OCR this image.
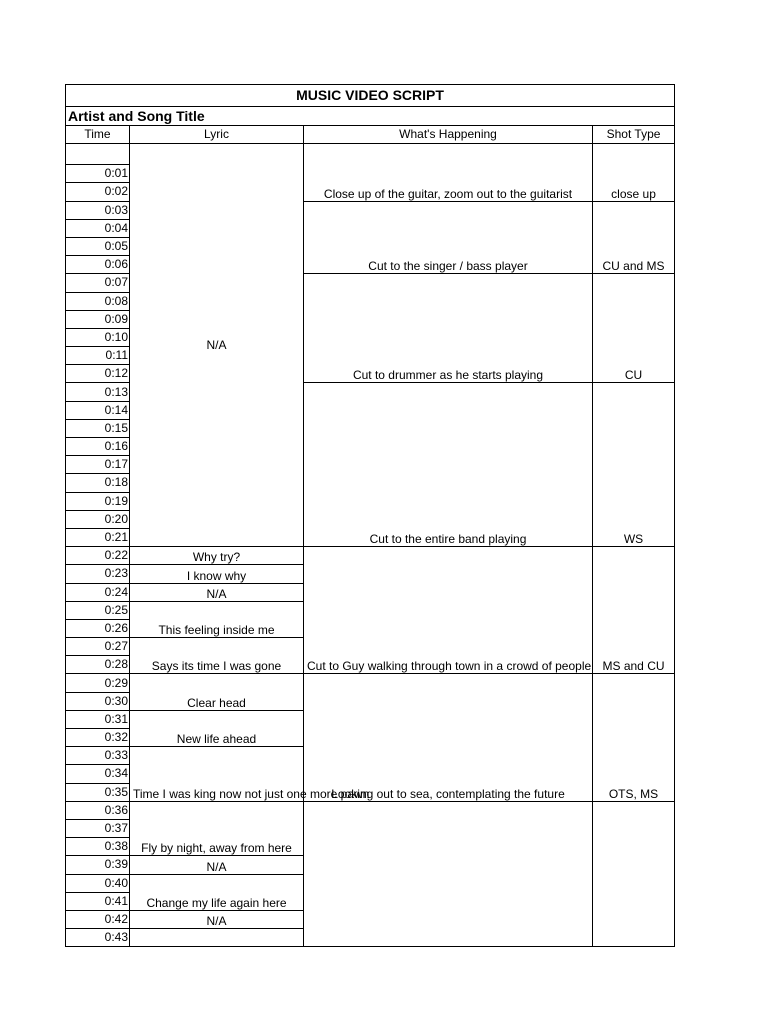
MUSIC VIDEO SCRIPT			
Artist and Song Title			
Time	Lyric	What's Happening	Shot Type
	N/A	Close up of the guitar, zoom out to the guitarist	close up
0:01			
0:02			
0:03		Cut to the singer / bass player	CU and MS
0:04			
0:05			
0:06			
0:07		Cut to drummer as he starts playing	CU
0:08			
0:09			
0:10			
0:11			
0:12			
0:13		Cut to the entire band playing	WS
0:14			
0:15			
0:16			
0:17			
0:18			
0:19			
0:20			
0:21			
0:22	Why try?	Cut to Guy walking through town in a crowd of people	MS and CU
0:23	I know why		
0:24	N/A		
0:25	This feeling inside me		
0:26			
0:27	Says its time I was gone		
0:28			
0:29	Clear head	Looking out to sea, contemplating the future	OTS, MS
0:30			
0:31	New life ahead		
0:32			
0:33	Time I was king now not just one more pawn		
0:34			
0:35			
0:36	Fly by night, away from here		
0:37			
0:38			
0:39	N/A		
0:40	Change my life again here		
0:41			
0:42	N/A		
0:43			
